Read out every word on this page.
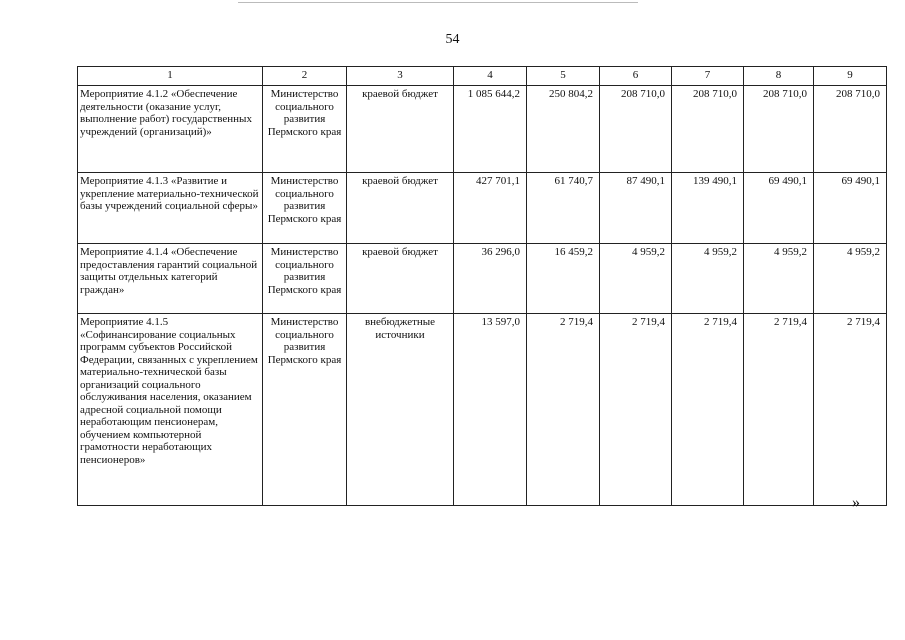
54
1	2	3	4	5	6	7	8	9
Мероприятие 4.1.2 «Обеспечение деятельности (оказание услуг, выполнение работ) государственных учреждений (организаций)»	Министерство социального развития Пермского края	краевой бюджет	1 085 644,2	250 804,2	208 710,0	208 710,0	208 710,0	208 710,0
Мероприятие 4.1.3 «Развитие и укрепление материально-технической базы учреждений социальной сферы»	Министерство социального развития Пермского края	краевой бюджет	427 701,1	61 740,7	87 490,1	139 490,1	69 490,1	69 490,1
Мероприятие 4.1.4 «Обеспечение предоставления гарантий социальной защиты отдельных категорий граждан»	Министерство социального развития Пермского края	краевой бюджет	36 296,0	16 459,2	4 959,2	4 959,2	4 959,2	4 959,2
Мероприятие 4.1.5 «Софинансирование социальных программ субъектов Российской Федерации, связанных с укреплением материально-технической базы организаций социального обслуживания населения, оказанием адресной социальной помощи неработающим пенсионерам, обучением компьютерной грамотности неработающих пенсионеров»	Министерство социального развития Пермского края	внебюджетные источники	13 597,0	2 719,4	2 719,4	2 719,4	2 719,4	2 719,4
»
